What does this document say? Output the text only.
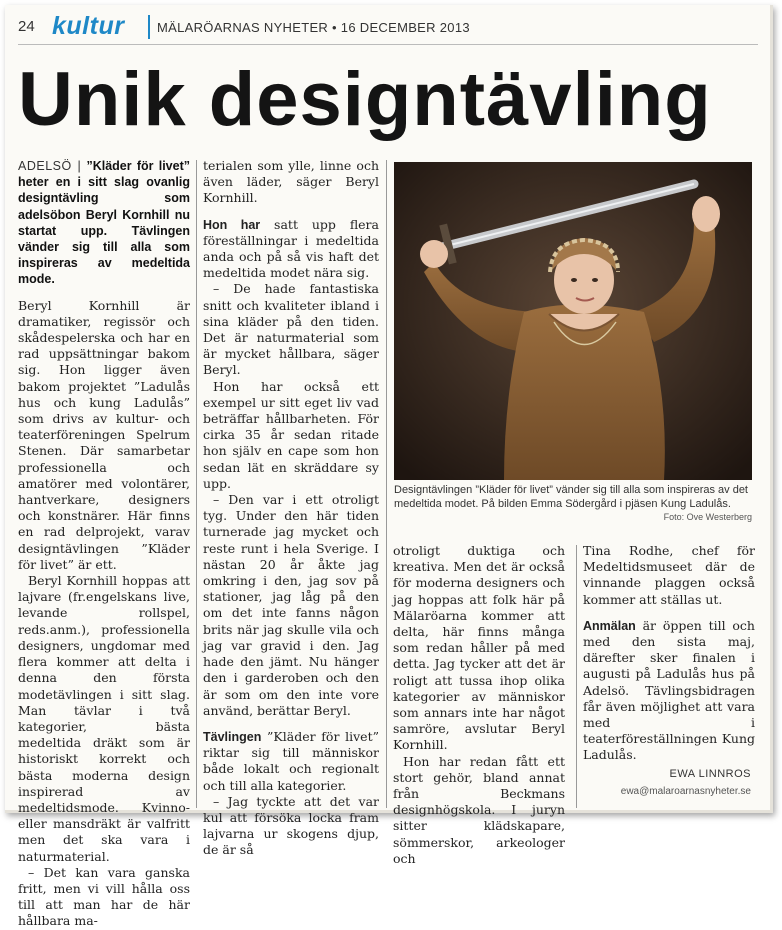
24 kultur	MÄLARÖARNAS NYHETER • 16 DECEMBER 2013
Unik designtävling

ADELSÖ | ”Kläder för livet” heter en i sitt slag ovanlig designtävling som adelsöbon Beryl Kornhill nu startat upp. Tävlingen vänder sig till alla som inspireras av medeltida mode.

Beryl Kornhill är dramatiker, regissör och skådespelerska och har en rad uppsättningar bakom sig. Hon ligger även bakom projektet ”Ladulås hus och kung Ladulås” som drivs av kultur- och teaterföreningen Spelrum Stenen. Där samarbetar professionella och amatörer med volontärer, hantverkare, designers och konstnärer. Här finns en rad delprojekt, varav designtävlingen ”Kläder för livet” är ett.

Beryl Kornhill hoppas att lajvare (fr.engelskans live, levande rollspel, reds.anm.), professionella designers, ungdomar med flera kommer att delta i denna den första modetävlingen i sitt slag. Man tävlar i två kategorier, bästa medeltida dräkt som är historiskt korrekt och bästa moderna design inspirerad av medeltidsmode. Kvinno- eller mansdräkt är valfritt men det ska vara i naturmaterial.

– Det kan vara ganska fritt, men vi vill hålla oss till att man har de här hållbara ma-

terialen som ylle, linne och även läder, säger Beryl Kornhill.

Hon har satt upp flera föreställningar i medeltida anda och på så vis haft det medeltida modet nära sig.

– De hade fantastiska snitt och kvaliteter ibland i sina kläder på den tiden. Det är naturmaterial som är mycket hållbara, säger Beryl.

Hon har också ett exempel ur sitt eget liv vad beträffar hållbarheten. För cirka 35 år sedan ritade hon själv en cape som hon sedan lät en skräddare sy upp.

– Den var i ett otroligt tyg. Under den här tiden turnerade jag mycket och reste runt i hela Sverige. I nästan 20 år åkte jag omkring i den, jag sov på stationer, jag låg på den om det inte fanns någon brits när jag skulle vila och jag var gravid i den. Jag hade den jämt. Nu hänger den i garderoben och den är som om den inte vore använd, berättar Beryl.

Tävlingen ”Kläder för livet” riktar sig till människor både lokalt och regionalt och till alla kategorier.

– Jag tyckte att det var kul att försöka locka fram lajvarna ur skogens djup, de är så

Designtävlingen ”Kläder för livet” vänder sig till alla som inspireras av det medeltida modet. På bilden Emma Södergård i pjäsen Kung Ladulås.
Foto: Ove Westerberg

otroligt duktiga och kreativa. Men det är också för moderna designers och jag hoppas att folk här på Mälaröarna kommer att delta, här finns många som redan håller på med detta. Jag tycker att det är roligt att tussa ihop olika kategorier av människor som annars inte har något samröre, avslutar Beryl Kornhill.

Hon har redan fått ett stort gehör, bland annat från Beckmans designhögskola. I juryn sitter klädskapare, sömmerskor, arkeologer och

Tina Rodhe, chef för Medeltidsmuseet där de vinnande plaggen också kommer att ställas ut.

Anmälan är öppen till och med den sista maj, därefter sker finalen i augusti på Ladulås hus på Adelsö. Tävlingsbidragen får även möjlighet att vara med i teaterföreställningen Kung Ladulås.

EWA LINNROS
ewa@malaroarnasnyheter.se
